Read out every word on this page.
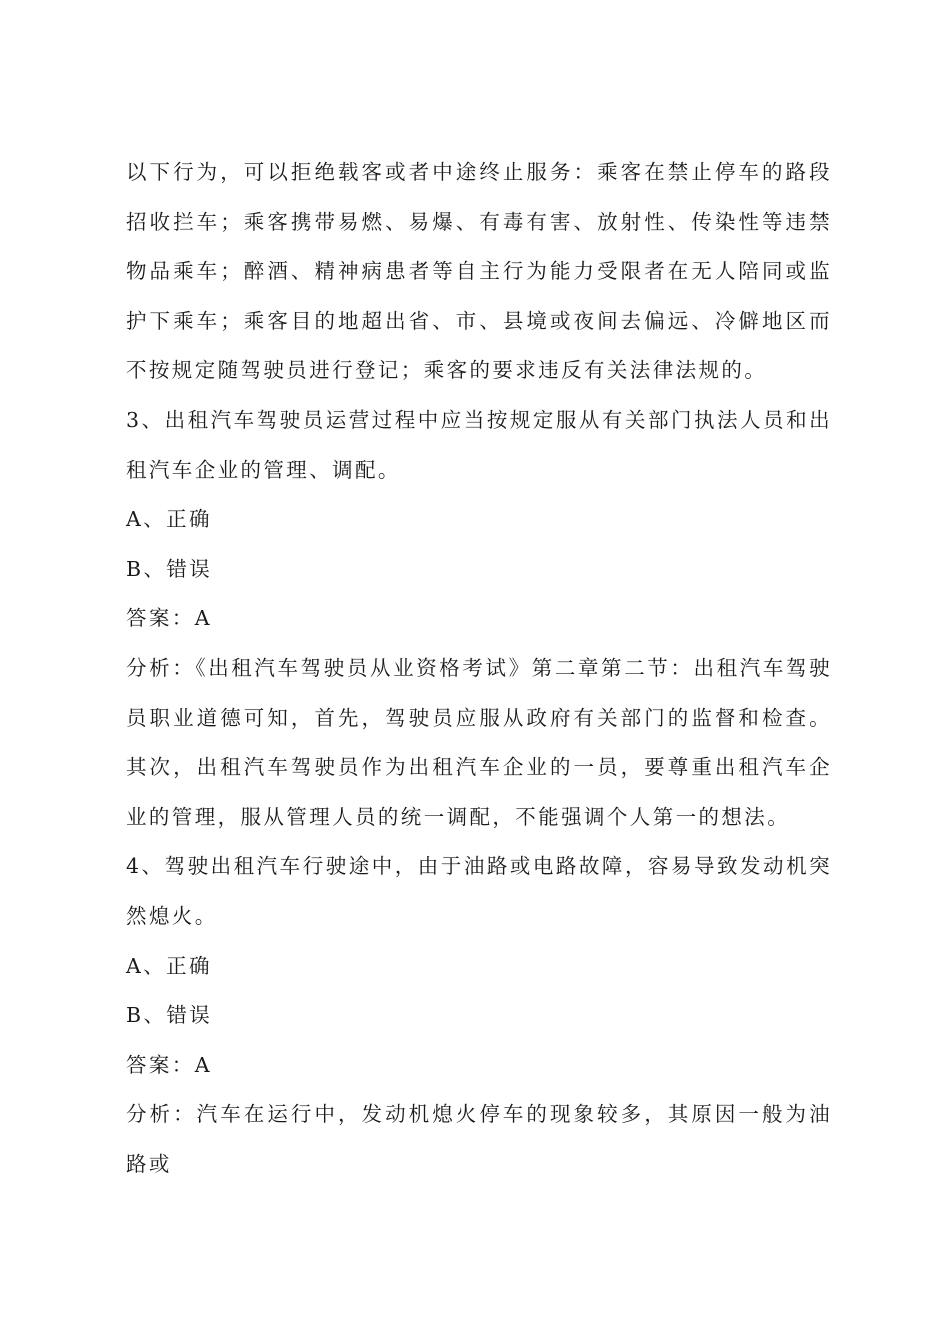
以下行为，可以拒绝载客或者中途终止服务：乘客在禁止停车的路段招收拦车；乘客携带易燃、易爆、有毒有害、放射性、传染性等违禁物品乘车；醉酒、精神病患者等自主行为能力受限者在无人陪同或监护下乘车；乘客目的地超出省、市、县境或夜间去偏远、冷僻地区而不按规定随驾驶员进行登记；乘客的要求违反有关法律法规的。

3、出租汽车驾驶员运营过程中应当按规定服从有关部门执法人员和出租汽车企业的管理、调配。

A、正确

B、错误

答案：A

分析：《出租汽车驾驶员从业资格考试》第二章第二节：出租汽车驾驶员职业道德可知，首先，驾驶员应服从政府有关部门的监督和检查。其次，出租汽车驾驶员作为出租汽车企业的一员，要尊重出租汽车企业的管理，服从管理人员的统一调配，不能强调个人第一的想法。

4、驾驶出租汽车行驶途中，由于油路或电路故障，容易导致发动机突然熄火。

A、正确

B、错误

答案：A

分析：汽车在运行中，发动机熄火停车的现象较多，其原因一般为油路或
